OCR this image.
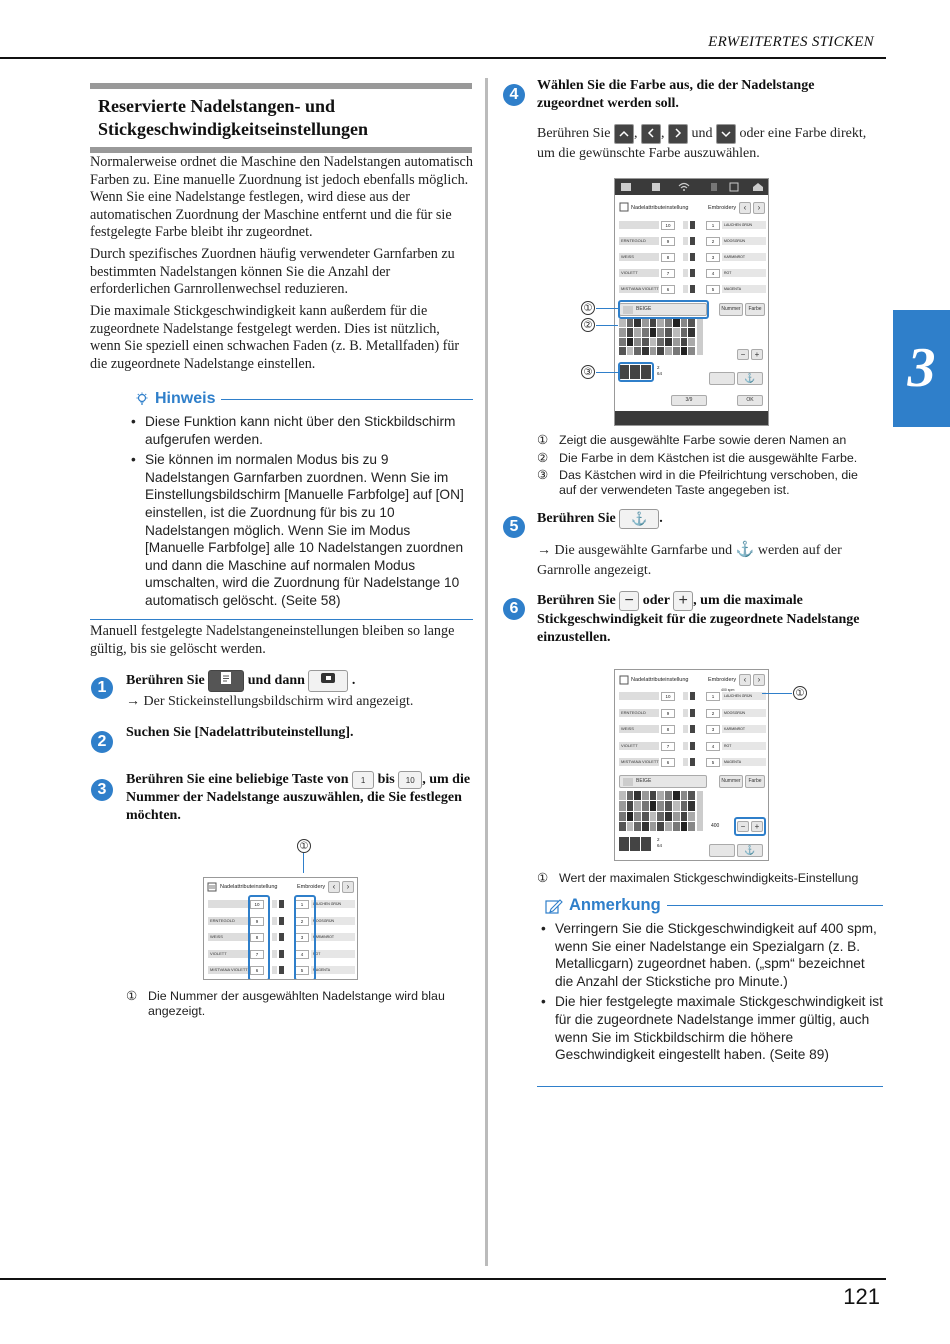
ERWEITERTES STICKEN
3
Reservierte Nadelstangen- und
Stickgeschwindigkeitseinstellungen
Normalerweise ordnet die Maschine den Nadelstangen automatisch Farben zu. Eine manuelle Zuordnung ist jedoch ebenfalls möglich. Wenn Sie eine Nadelstange festlegen, wird diese aus der automatischen Zuordnung der Maschine entfernt und die für sie festgelegte Farbe bleibt ihr zugeordnet.
Durch spezifisches Zuordnen häufig verwendeter Garnfarben zu bestimmten Nadelstangen können Sie die Anzahl der erforderlichen Garnrollenwechsel reduzieren.
Die maximale Stickgeschwindigkeit kann außerdem für die zugeordnete Nadelstange festgelegt werden. Dies ist nützlich, wenn Sie speziell einen schwachen Faden (z. B. Metallfaden) für die zugeordnete Nadelstange einstellen.
Hinweis
• Diese Funktion kann nicht über den Stickbildschirm aufgerufen werden.
• Sie können im normalen Modus bis zu 9 Nadelstangen Garnfarben zuordnen. Wenn Sie im Einstellungsbildschirm [Manuelle Farbfolge] auf [ON] einstellen, ist die Zuordnung für bis zu 10 Nadelstangen möglich. Wenn Sie im Modus [Manuelle Farbfolge] alle 10 Nadelstangen zuordnen und dann die Maschine auf normalen Modus umschalten, wird die Zuordnung für Nadelstange 10 automatisch gelöscht. (Seite 58)
Manuell festgelegte Nadelstangeneinstellungen bleiben so lange gültig, bis sie gelöscht werden.
1	Berühren Sie	und dann	.
→ Der Stickeinstellungsbildschirm wird angezeigt.
2
Suchen Sie [Nadelattributeinstellung].
3
Berühren Sie eine beliebige Taste von 1 bis 10 , um die Nummer der Nadelstange auszuwählen, die Sie festlegen möchten.
①
Nadelattributeinstellung	Embroidery ‹	›
10	1	LAUCHEN GRÜN
ERNTEGOLD	9	2	MOOSGRÜN
WEISS	8	3	KARMINROT
VIOLETT	7	4	ROT
MISTVANA VIOLETT	6	5	MAGENTA
① Die Nummer der ausgewählten Nadelstange wird blau angezeigt.
4
Wählen Sie die Farbe aus, die der Nadelstange zugeordnet werden soll.
Berühren Sie , , und oder eine Farbe direkt, um die gewünschte Farbe auszuwählen.
Nadelattributeinstellung	Embroidery ‹	›
10	1	LAUCHEN GRÜN
ERNTEGOLD	9	2	MOOSGRÜN
WEISS	8	3	KARMINROT
VIOLETT	7	4	ROT
MISTVANA VIOLETT	6	5	MAGENTA
BEIGE	Nummer	Farbe
−	+
2
64	⚓
3/9	OK
①
②
③
① Zeigt die ausgewählte Farbe sowie deren Namen an
② Die Farbe in dem Kästchen ist die ausgewählte Farbe.
③ Das Kästchen wird in die Pfeilrichtung verschoben, die auf der verwendeten Taste angegeben ist.
5	Berühren Sie ⚓ .
→ Die ausgewählte Garnfarbe und ⚓ werden auf der Garnrolle angezeigt.
6	Berühren Sie − oder + , um die maximale Stickgeschwindigkeit für die zugeordnete Nadelstange einzustellen.
Nadelattributeinstellung	Embroidery ‹	›
400 spm
10	1	LAUCHEN GRÜN
ERNTEGOLD	9	2	MOOSGRÜN
WEISS	8	3	KARMINROT
VIOLETT	7	4	ROT
MISTVANA VIOLETT	6	5	MAGENTA
BEIGE	Nummer	Farbe
400	−	+
2
64	⚓
①
① Wert der maximalen Stickgeschwindigkeits-Einstellung
Anmerkung
• Verringern Sie die Stickgeschwindigkeit auf 400 spm, wenn Sie einer Nadelstange ein Spezialgarn (z. B. Metallicgarn) zugeordnet haben. („spm“ bezeichnet die Anzahl der Stickstiche pro Minute.)
• Die hier festgelegte maximale Stickgeschwindigkeit ist für die zugeordnete Nadelstange immer gültig, auch wenn Sie im Stickbildschirm die höhere Geschwindigkeit eingestellt haben. (Seite 89)
121
